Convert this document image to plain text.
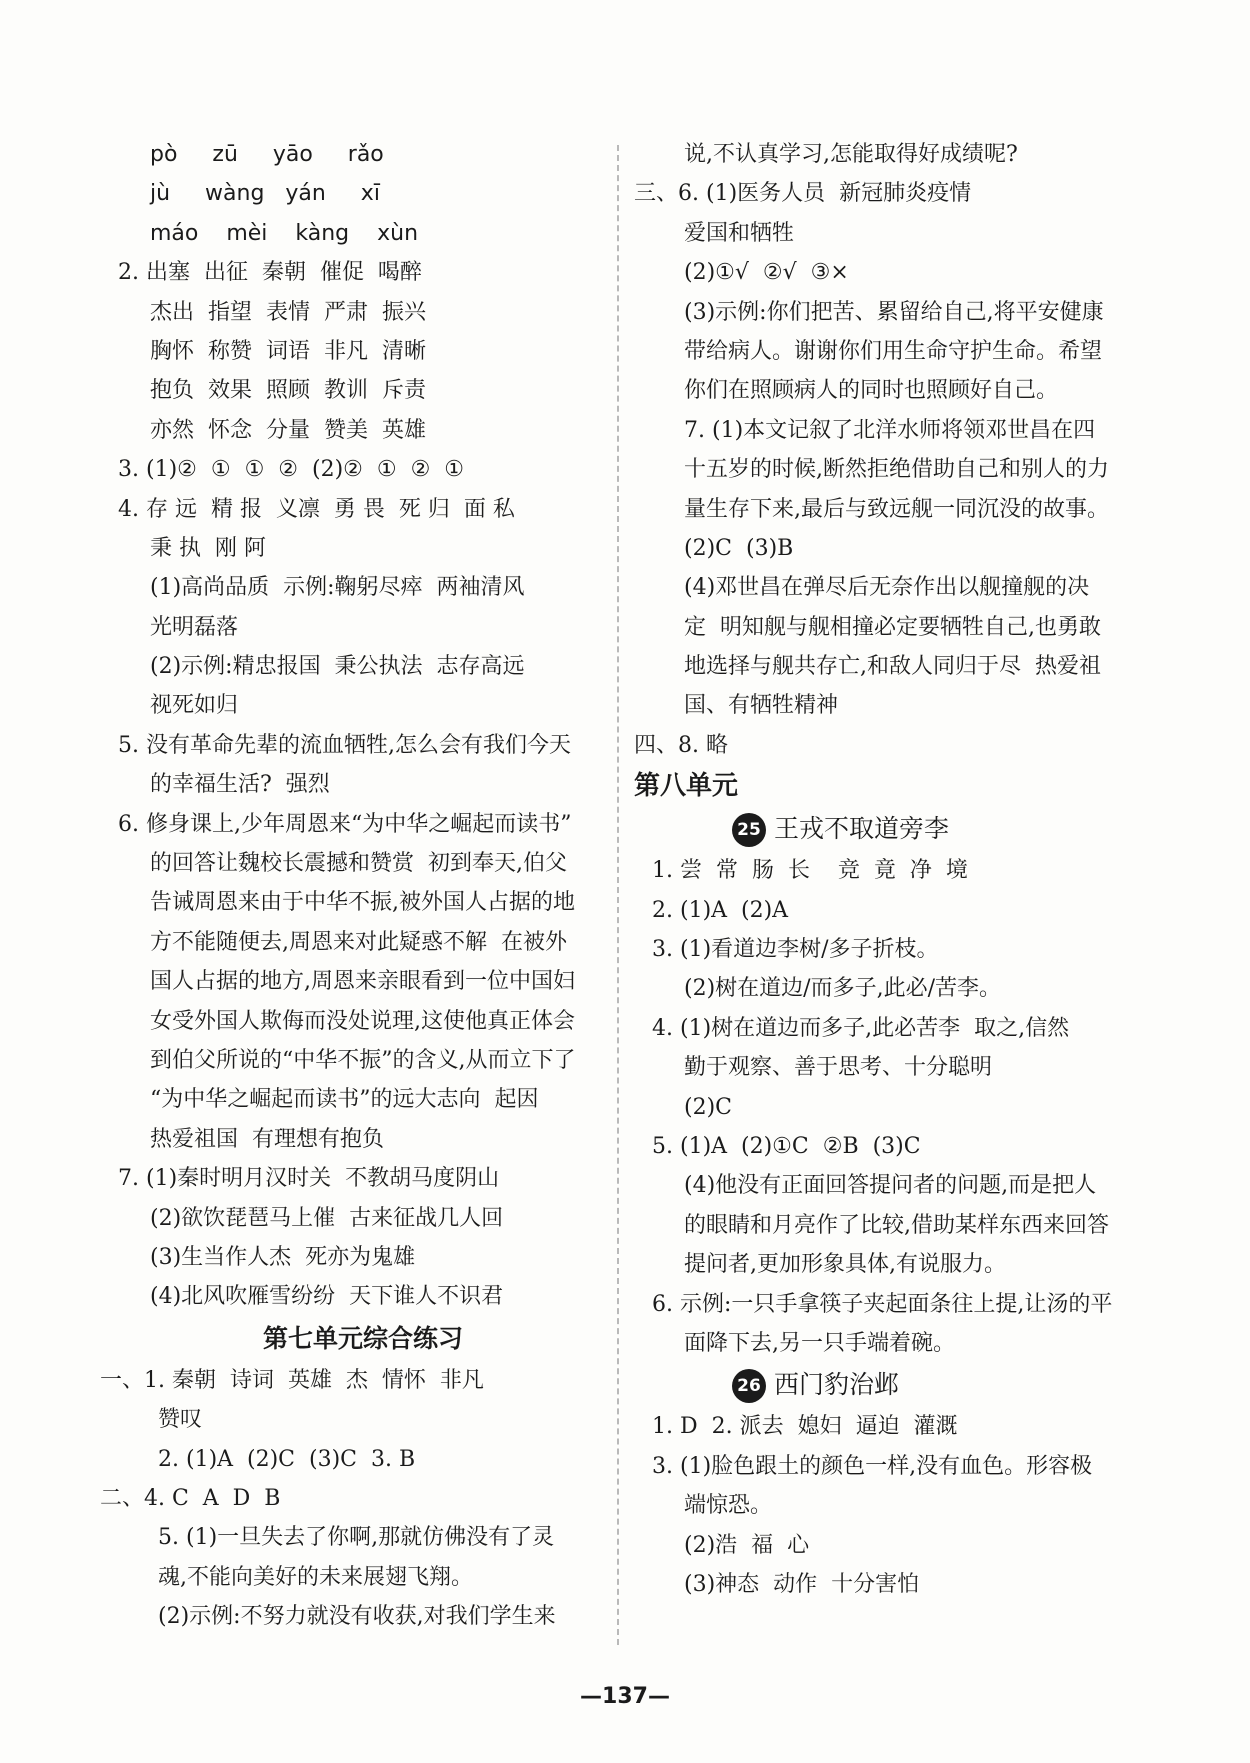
pò     zū     yāo     rǎo
jù     wàng   yán     xī
máo    mèi    kàng    xùn
2. 出塞  出征  秦朝  催促  喝醉
杰出  指望  表情  严肃  振兴
胸怀  称赞  词语  非凡  清晰
抱负  效果  照顾  教训  斥责
亦然  怀念  分量  赞美  英雄
3. (1)②  ①  ①  ②  (2)②  ①  ②  ①
4. 存 远  精 报  义凛  勇 畏  死 归  面 私
秉 执  刚 阿
(1)高尚品质  示例:鞠躬尽瘁  两袖清风
光明磊落
(2)示例:精忠报国  秉公执法  志存高远
视死如归
5. 没有革命先辈的流血牺牲,怎么会有我们今天
的幸福生活?  强烈
6. 修身课上,少年周恩来“为中华之崛起而读书”
的回答让魏校长震撼和赞赏  初到奉天,伯父
告诫周恩来由于中华不振,被外国人占据的地
方不能随便去,周恩来对此疑惑不解  在被外
国人占据的地方,周恩来亲眼看到一位中国妇
女受外国人欺侮而没处说理,这使他真正体会
到伯父所说的“中华不振”的含义,从而立下了
“为中华之崛起而读书”的远大志向  起因
热爱祖国  有理想有抱负
7. (1)秦时明月汉时关  不教胡马度阴山
(2)欲饮琵琶马上催  古来征战几人回
(3)生当作人杰  死亦为鬼雄
(4)北风吹雁雪纷纷  天下谁人不识君
第七单元综合练习
一、1. 秦朝  诗词  英雄  杰  情怀  非凡
赞叹
2. (1)A  (2)C  (3)C  3. B
二、4. C  A  D  B
5. (1)一旦失去了你啊,那就仿佛没有了灵
魂,不能向美好的未来展翅飞翔。
(2)示例:不努力就没有收获,对我们学生来
说,不认真学习,怎能取得好成绩呢?
三、6. (1)医务人员  新冠肺炎疫情
爱国和牺牲
(2)①√  ②√  ③×
(3)示例:你们把苦、累留给自己,将平安健康
带给病人。谢谢你们用生命守护生命。希望
你们在照顾病人的同时也照顾好自己。
7. (1)本文记叙了北洋水师将领邓世昌在四
十五岁的时候,断然拒绝借助自己和别人的力
量生存下来,最后与致远舰一同沉没的故事。
(2)C  (3)B
(4)邓世昌在弹尽后无奈作出以舰撞舰的决
定  明知舰与舰相撞必定要牺牲自己,也勇敢
地选择与舰共存亡,和敌人同归于尽  热爱祖
国、有牺牲精神
四、8. 略
第八单元
25 王戎不取道旁李
1. 尝  常  肠  长    竞  竟  净  境
2. (1)A  (2)A
3. (1)看道边李树/多子折枝。
(2)树在道边/而多子,此必/苦李。
4. (1)树在道边而多子,此必苦李  取之,信然
勤于观察、善于思考、十分聪明
(2)C
5. (1)A  (2)①C  ②B  (3)C
(4)他没有正面回答提问者的问题,而是把人
的眼睛和月亮作了比较,借助某样东西来回答
提问者,更加形象具体,有说服力。
6. 示例:一只手拿筷子夹起面条往上提,让汤的平
面降下去,另一只手端着碗。
26 西门豹治邺
1. D  2. 派去  媳妇  逼迫  灌溉
3. (1)脸色跟土的颜色一样,没有血色。形容极
端惊恐。
(2)浩  福  心
(3)神态  动作  十分害怕
—137—
